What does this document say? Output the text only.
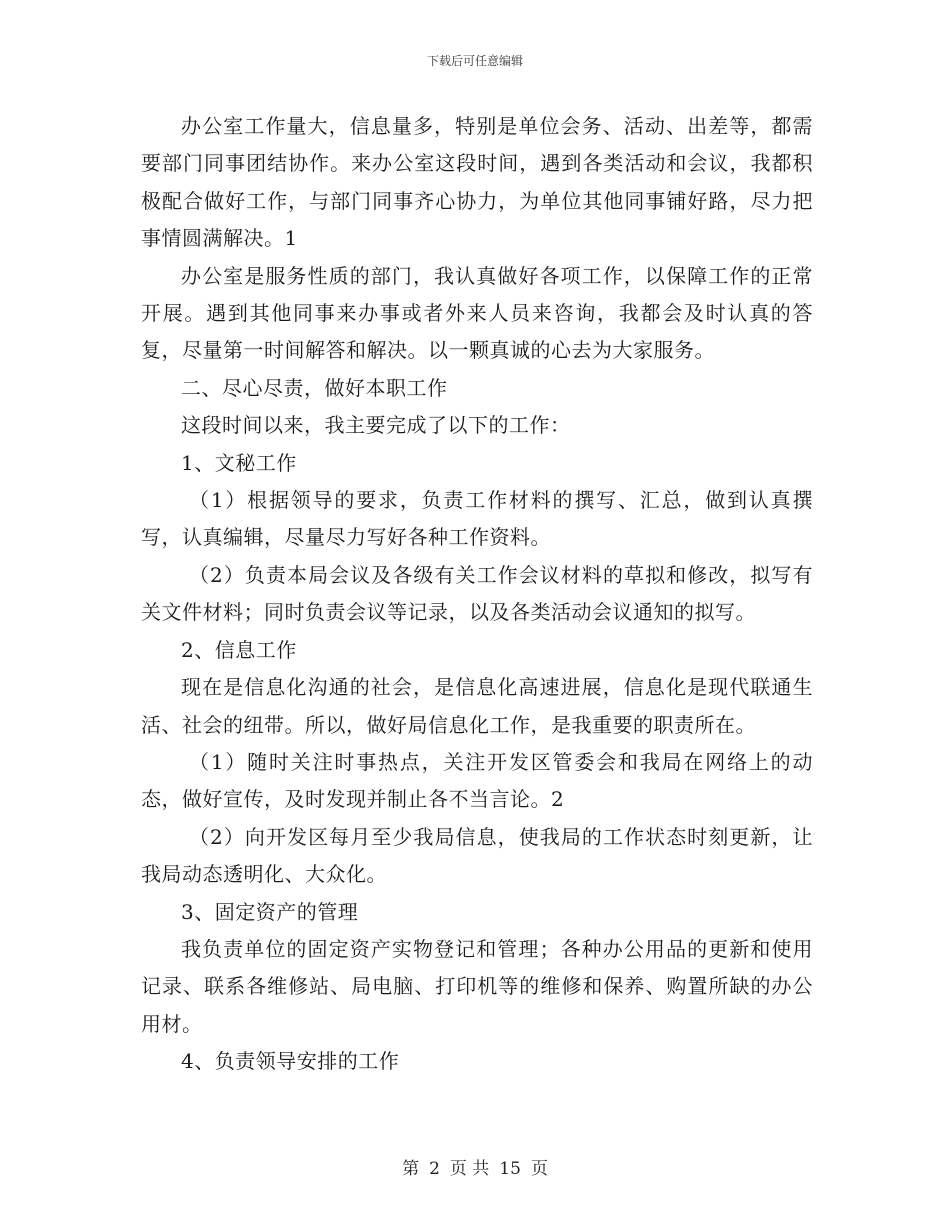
下载后可任意编辑

办公室工作量大，信息量多，特别是单位会务、活动、出差等，都需要部门同事团结协作。来办公室这段时间，遇到各类活动和会议，我都积极配合做好工作，与部门同事齐心协力，为单位其他同事铺好路，尽力把事情圆满解决。1

办公室是服务性质的部门，我认真做好各项工作，以保障工作的正常开展。遇到其他同事来办事或者外来人员来咨询，我都会及时认真的答复，尽量第一时间解答和解决。以一颗真诚的心去为大家服务。

二、尽心尽责，做好本职工作

这段时间以来，我主要完成了以下的工作：

1、文秘工作

（1）根据领导的要求，负责工作材料的撰写、汇总，做到认真撰写，认真编辑，尽量尽力写好各种工作资料。

（2）负责本局会议及各级有关工作会议材料的草拟和修改，拟写有关文件材料；同时负责会议等记录，以及各类活动会议通知的拟写。

2、信息工作

现在是信息化沟通的社会，是信息化高速进展，信息化是现代联通生活、社会的纽带。所以，做好局信息化工作，是我重要的职责所在。

（1）随时关注时事热点，关注开发区管委会和我局在网络上的动态，做好宣传，及时发现并制止各不当言论。2

（2）向开发区每月至少我局信息，使我局的工作状态时刻更新，让我局动态透明化、大众化。

3、固定资产的管理

我负责单位的固定资产实物登记和管理；各种办公用品的更新和使用记录、联系各维修站、局电脑、打印机等的维修和保养、购置所缺的办公用材。

4、负责领导安排的工作

第 2 页 共 15 页
